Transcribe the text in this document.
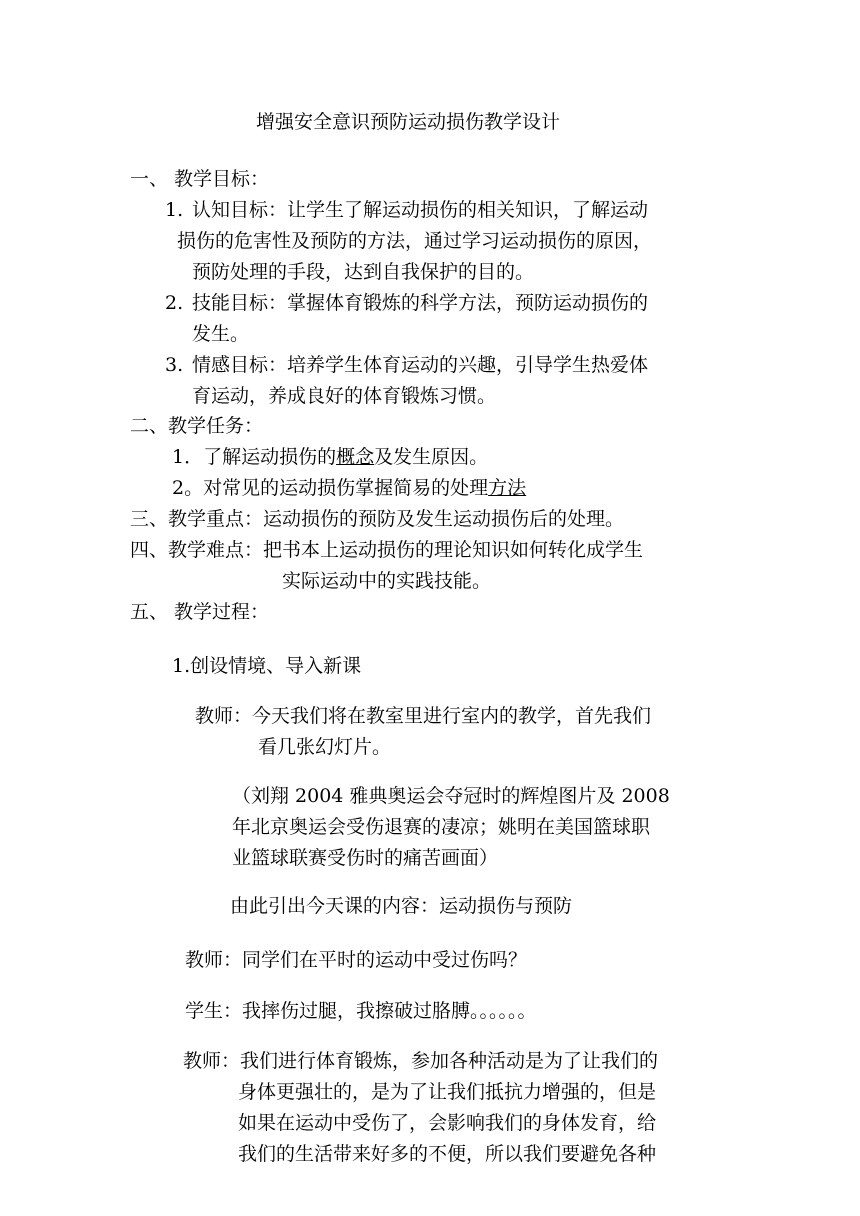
增强安全意识预防运动损伤教学设计
一、 教学目标：
1. 认知目标：让学生了解运动损伤的相关知识，了解运动
损伤的危害性及预防的方法，通过学习运动损伤的原因，
预防处理的手段，达到自我保护的目的。
2. 技能目标：掌握体育锻炼的科学方法，预防运动损伤的
发生。
3. 情感目标：培养学生体育运动的兴趣，引导学生热爱体
育运动，养成良好的体育锻炼习惯。
二、教学任务：
1．了解运动损伤的概念及发生原因。
2。对常见的运动损伤掌握简易的处理方法
三、教学重点：运动损伤的预防及发生运动损伤后的处理。
四、教学难点：把书本上运动损伤的理论知识如何转化成学生
实际运动中的实践技能。
五、 教学过程：
1.创设情境、导入新课
教师：今天我们将在教室里进行室内的教学，首先我们
看几张幻灯片。
（刘翔 2004 雅典奥运会夺冠时的辉煌图片及 2008
年北京奥运会受伤退赛的凄凉；姚明在美国篮球职
业篮球联赛受伤时的痛苦画面）
由此引出今天课的内容：运动损伤与预防
教师：同学们在平时的运动中受过伤吗？
学生：我摔伤过腿，我擦破过胳膊。。。。。。
教师：我们进行体育锻炼，参加各种活动是为了让我们的
身体更强壮的，是为了让我们抵抗力增强的，但是
如果在运动中受伤了，会影响我们的身体发育，给
我们的生活带来好多的不便，所以我们要避免各种
